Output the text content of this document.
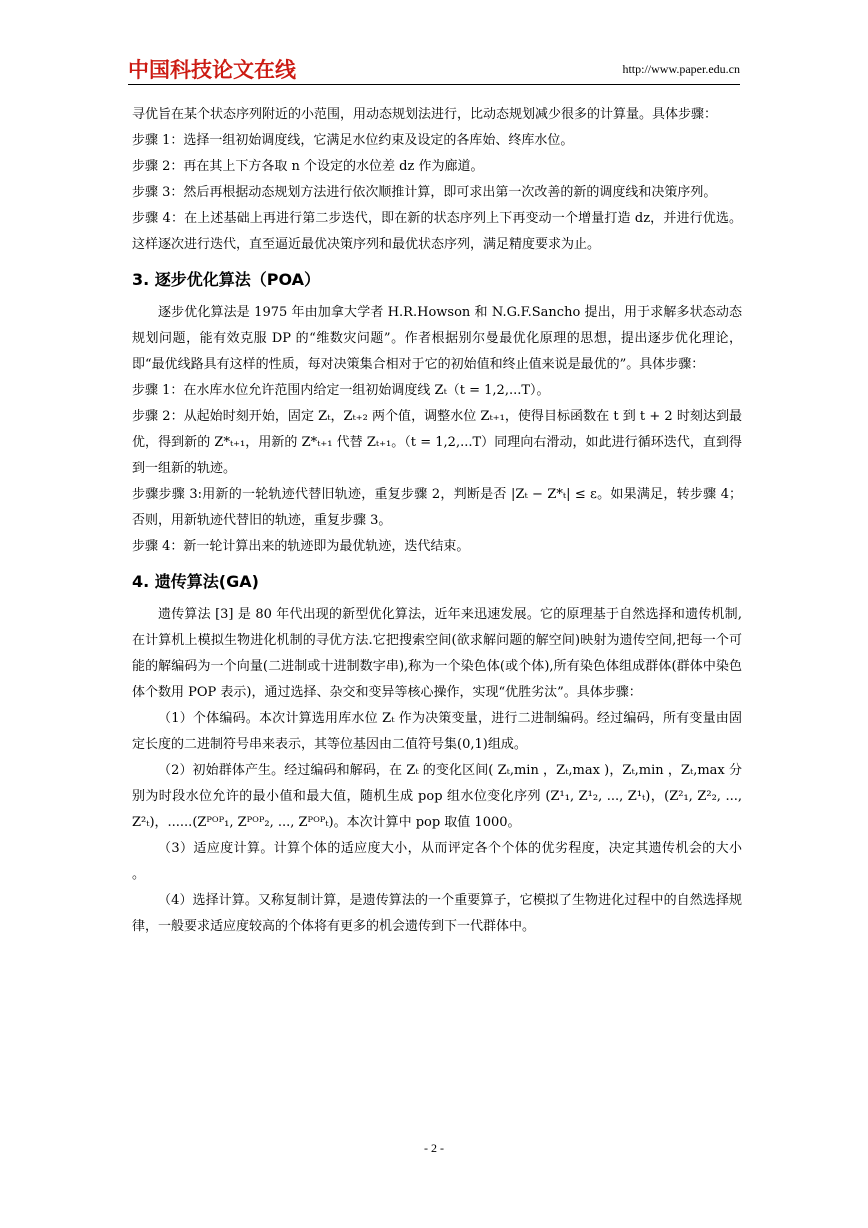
中国科技论文在线	http://www.paper.edu.cn

寻优旨在某个状态序列附近的小范围，用动态规划法进行，比动态规划减少很多的计算量。具体步骤：

步骤 1：选择一组初始调度线，它满足水位约束及设定的各库始、终库水位。

步骤 2：再在其上下方各取 n 个设定的水位差 dz 作为廊道。

步骤 3：然后再根据动态规划方法进行依次顺推计算，即可求出第一次改善的新的调度线和决策序列。

步骤 4：在上述基础上再进行第二步迭代，即在新的状态序列上下再变动一个增量打造 dz，并进行优选。这样逐次进行迭代，直至逼近最优决策序列和最优状态序列，满足精度要求为止。

3. 逐步优化算法（POA）

逐步优化算法是 1975 年由加拿大学者 H.R.Howson 和 N.G.F.Sancho 提出，用于求解多状态动态规划问题，能有效克服 DP 的“维数灾问题”。作者根据别尔曼最优化原理的思想，提出逐步优化理论，即“最优线路具有这样的性质，每对决策集合相对于它的初始值和终止值来说是最优的”。具体步骤：

步骤 1：在水库水位允许范围内给定一组初始调度线 Zₜ（t = 1,2,...T）。

步骤 2：从起始时刻开始，固定 Zₜ，Zₜ₊₂ 两个值，调整水位 Zₜ₊₁，使得目标函数在 t 到 t + 2 时刻达到最优，得到新的 Z*ₜ₊₁，用新的 Z*ₜ₊₁ 代替 Zₜ₊₁。（t = 1,2,...T）同理向右滑动，如此进行循环迭代，直到得到一组新的轨迹。

步骤步骤 3:用新的一轮轨迹代替旧轨迹，重复步骤 2，判断是否 |Zₜ − Z*ₜ| ≤ ε。如果满足，转步骤 4；否则，用新轨迹代替旧的轨迹，重复步骤 3。

步骤 4：新一轮计算出来的轨迹即为最优轨迹，迭代结束。

4. 遗传算法(GA)

遗传算法 [3] 是 80 年代出现的新型优化算法，近年来迅速发展。它的原理基于自然选择和遗传机制,在计算机上模拟生物进化机制的寻优方法.它把搜索空间(欲求解问题的解空间)映射为遗传空间,把每一个可能的解编码为一个向量(二进制或十进制数字串),称为一个染色体(或个体),所有染色体组成群体(群体中染色体个数用 POP 表示)，通过选择、杂交和变异等核心操作，实现“优胜劣汰”。具体步骤：

（1）个体编码。本次计算选用库水位 Zₜ 作为决策变量，进行二进制编码。经过编码，所有变量由固定长度的二进制符号串来表示，其等位基因由二值符号集(0,1)组成。

（2）初始群体产生。经过编码和解码，在 Zₜ 的变化区间( Zₜ,min ，Zₜ,max )，Zₜ,min ，Zₜ,max 分别为时段水位允许的最小值和最大值，随机生成 pop 组水位变化序列 (Z¹₁, Z¹₂, ..., Z¹ₜ)，(Z²₁, Z²₂, ..., Z²ₜ)，......(Zᴾᴼᴾ₁, Zᴾᴼᴾ₂, ..., Zᴾᴼᴾₜ)。本次计算中 pop 取值 1000。

（3）适应度计算。计算个体的适应度大小，从而评定各个个体的优劣程度，决定其遗传机会的大小 。

（4）选择计算。又称复制计算，是遗传算法的一个重要算子，它模拟了生物进化过程中的自然选择规律，一般要求适应度较高的个体将有更多的机会遗传到下一代群体中。

- 2 -
